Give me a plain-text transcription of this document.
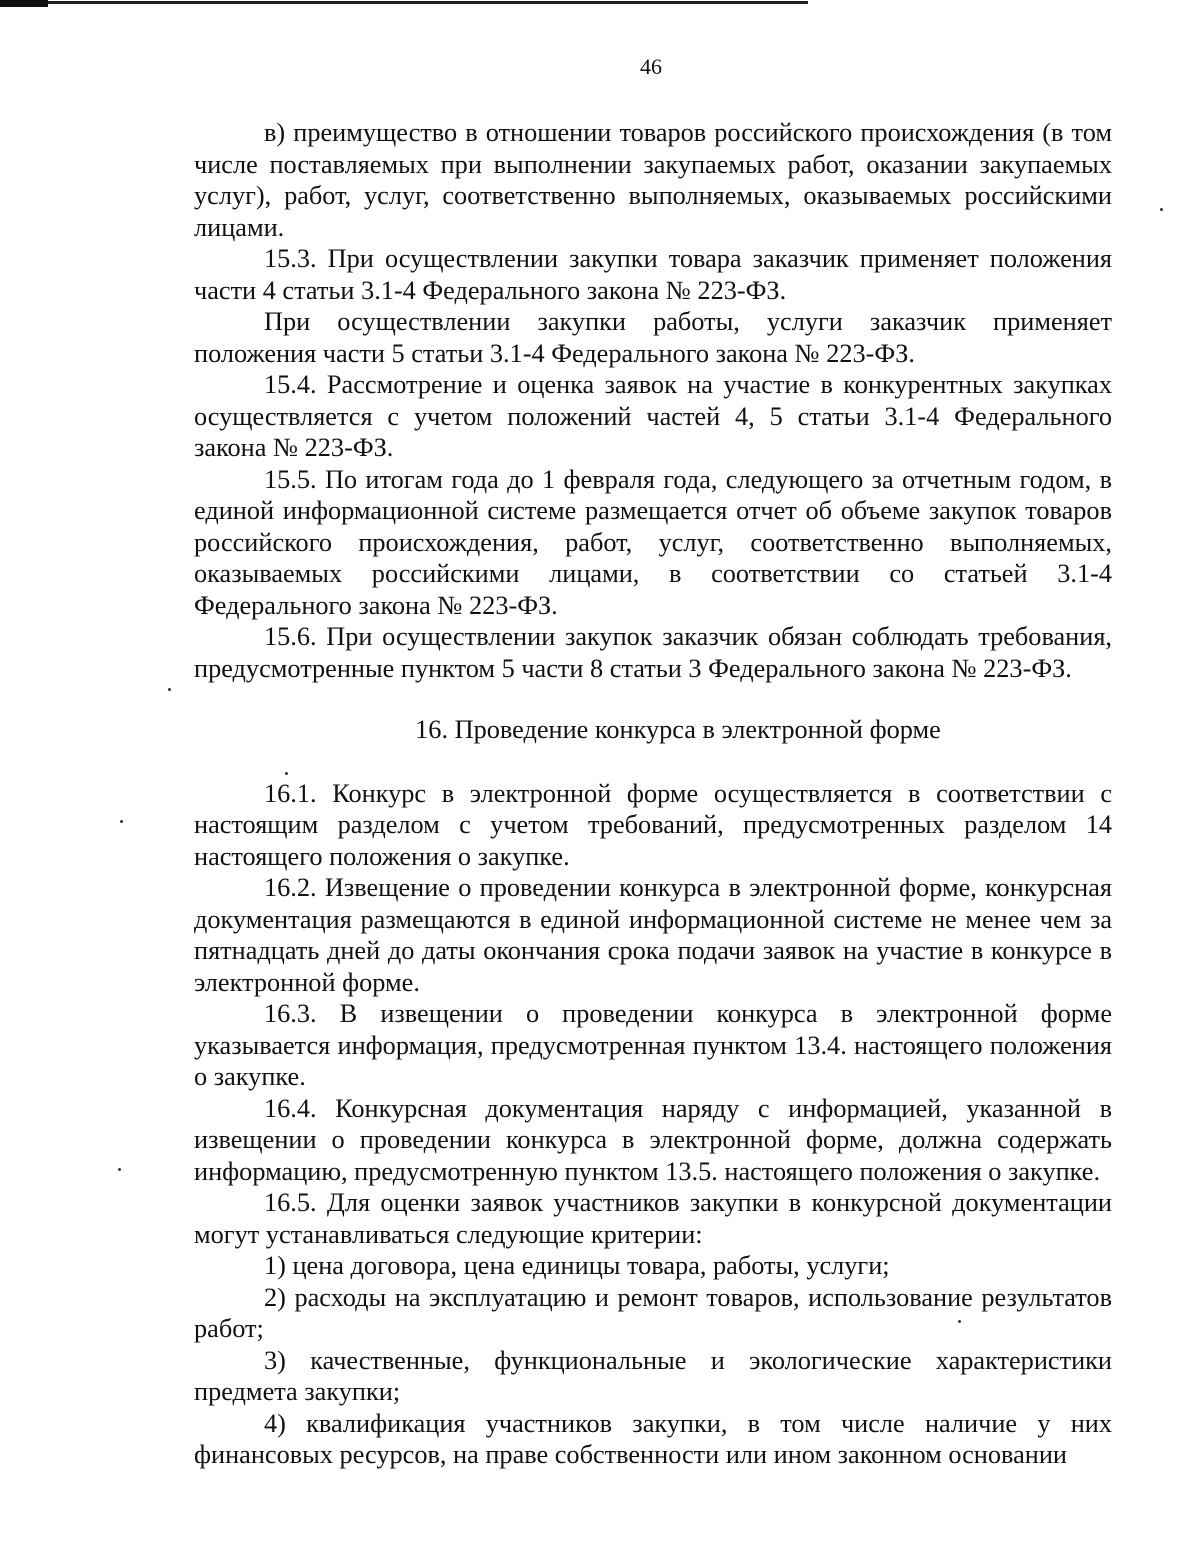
46

в) преимущество в отношении товаров российского происхождения (в том числе поставляемых при выполнении закупаемых работ, оказании закупаемых услуг), работ, услуг, соответственно выполняемых, оказываемых российскими лицами.

15.3. При осуществлении закупки товара заказчик применяет положения части 4 статьи 3.1-4 Федерального закона № 223-ФЗ.

При осуществлении закупки работы, услуги заказчик применяет положения части 5 статьи 3.1-4 Федерального закона № 223-ФЗ.

15.4. Рассмотрение и оценка заявок на участие в конкурентных закупках осуществляется с учетом положений частей 4, 5 статьи 3.1-4 Федерального закона № 223-ФЗ.

15.5. По итогам года до 1 февраля года, следующего за отчетным годом, в единой информационной системе размещается отчет об объеме закупок товаров российского происхождения, работ, услуг, соответственно выполняемых, оказываемых российскими лицами, в соответствии со статьей 3.1-4 Федерального закона № 223-ФЗ.

15.6. При осуществлении закупок заказчик обязан соблюдать требования, предусмотренные пунктом 5 части 8 статьи 3 Федерального закона № 223-ФЗ.

16. Проведение конкурса в электронной форме

16.1. Конкурс в электронной форме осуществляется в соответствии с настоящим разделом с учетом требований, предусмотренных разделом 14 настоящего положения о закупке.

16.2. Извещение о проведении конкурса в электронной форме, конкурсная документация размещаются в единой информационной системе не менее чем за пятнадцать дней до даты окончания срока подачи заявок на участие в конкурсе в электронной форме.

16.3. В извещении о проведении конкурса в электронной форме указывается информация, предусмотренная пунктом 13.4. настоящего положения о закупке.

16.4. Конкурсная документация наряду с информацией, указанной в извещении о проведении конкурса в электронной форме, должна содержать информацию, предусмотренную пунктом 13.5. настоящего положения о закупке.

16.5. Для оценки заявок участников закупки в конкурсной документации могут устанавливаться следующие критерии:

1) цена договора, цена единицы товара, работы, услуги;

2) расходы на эксплуатацию и ремонт товаров, использование результатов работ;

3) качественные, функциональные и экологические характеристики предмета закупки;

4) квалификация участников закупки, в том числе наличие у них финансовых ресурсов, на праве собственности или ином законном основании
